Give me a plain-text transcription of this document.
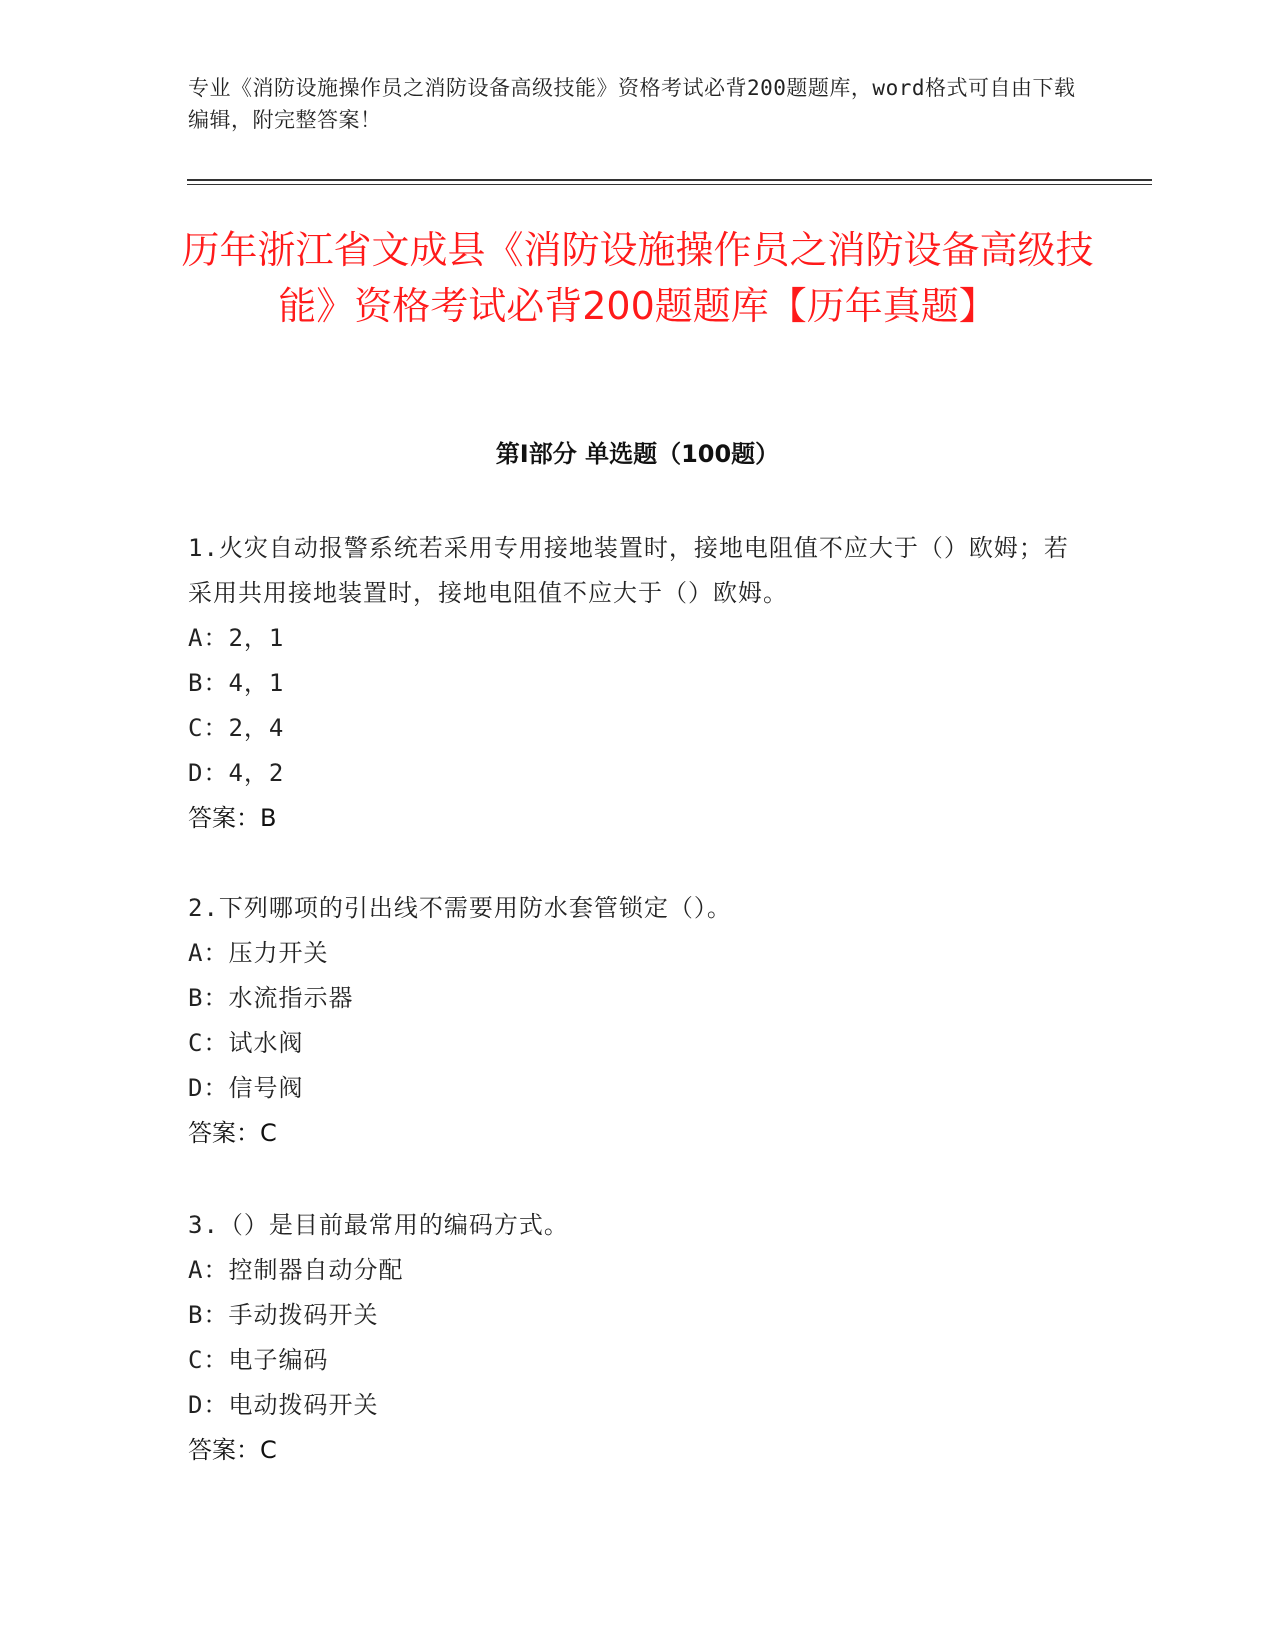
专业《消防设施操作员之消防设备高级技能》资格考试必背200题题库，word格式可自由下载编辑，附完整答案！
历年浙江省文成县《消防设施操作员之消防设备高级技能》资格考试必背200题题库【历年真题】
第Ⅰ部分 单选题（100题）
1.火灾自动报警系统若采用专用接地装置时，接地电阻值不应大于（）欧姆；若采用共用接地装置时，接地电阻值不应大于（）欧姆。
A：2，1
B：4，1
C：2，4
D：4，2
答案：B
2.下列哪项的引出线不需要用防水套管锁定（）。
A：压力开关
B：水流指示器
C：试水阀
D：信号阀
答案：C
3.（）是目前最常用的编码方式。
A：控制器自动分配
B：手动拨码开关
C：电子编码
D：电动拨码开关
答案：C
